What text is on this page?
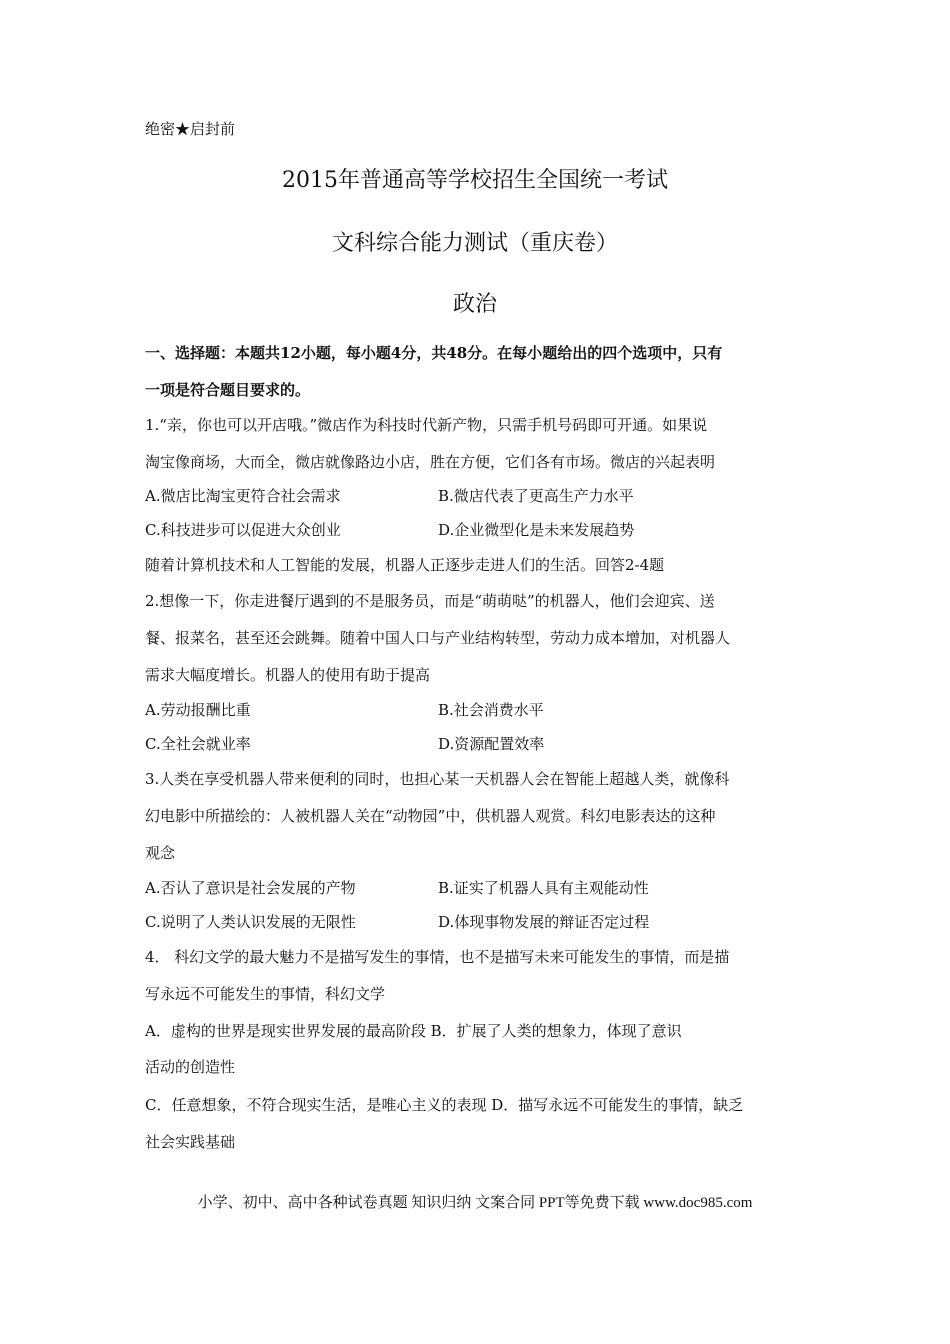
绝密★启封前
2015年普通高等学校招生全国统一考试
文科综合能力测试（重庆卷）
政治
一、选择题：本题共12小题，每小题4分，共48分。在每小题给出的四个选项中，只有
一项是符合题目要求的。
1.“亲，你也可以开店哦。”微店作为科技时代新产物，只需手机号码即可开通。如果说
淘宝像商场，大而全，微店就像路边小店，胜在方便，它们各有市场。微店的兴起表明
A.微店比淘宝更符合社会需求	B.微店代表了更高生产力水平
C.科技进步可以促进大众创业	D.企业微型化是未来发展趋势
随着计算机技术和人工智能的发展，机器人正逐步走进人们的生活。回答2-4题
2.想像一下，你走进餐厅遇到的不是服务员，而是“萌萌哒”的机器人，他们会迎宾、送
餐、报菜名，甚至还会跳舞。随着中国人口与产业结构转型，劳动力成本增加，对机器人
需求大幅度增长。机器人的使用有助于提高
A.劳动报酬比重	B.社会消费水平
C.全社会就业率	D.资源配置效率
3.人类在享受机器人带来便利的同时，也担心某一天机器人会在智能上超越人类，就像科
幻电影中所描绘的：人被机器人关在“动物园”中，供机器人观赏。科幻电影表达的这种
观念
A.否认了意识是社会发展的产物	B.证实了机器人具有主观能动性
C.说明了人类认识发展的无限性	D.体现事物发展的辩证否定过程
4． 科幻文学的最大魅力不是描写发生的事情，也不是描写未来可能发生的事情，而是描
写永远不可能发生的事情，科幻文学
A．虚构的世界是现实世界发展的最高阶段 B．扩展了人类的想象力，体现了意识
活动的创造性
C．任意想象，不符合现实生活，是唯心主义的表现 D．描写永远不可能发生的事情，缺乏
社会实践基础
小学、初中、高中各种试卷真题 知识归纳 文案合同 PPT等免费下载 www.doc985.com
